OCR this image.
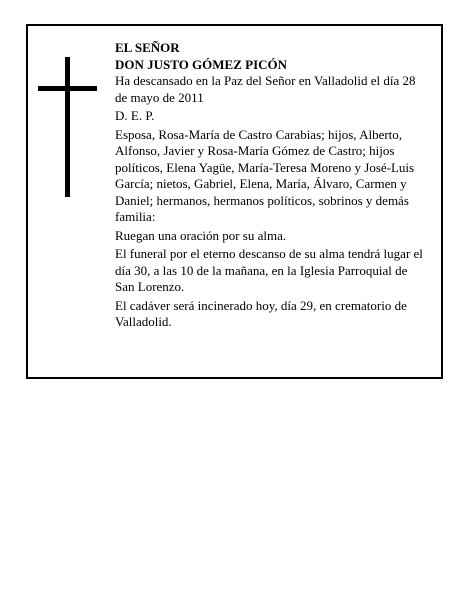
EL SEÑOR
DON JUSTO GÓMEZ PICÓN

Ha descansado en la Paz del Señor en Valladolid el día 28 de mayo de 2011

D. E. P.

Esposa, Rosa-María de Castro Carabias; hijos, Alberto, Alfonso, Javier y Rosa-María Gómez de Castro; hijos políticos, Elena Yagüe, María-Teresa Moreno y José-Luis García; nietos, Gabriel, Elena, María, Álvaro, Carmen y Daniel; hermanos, hermanos políticos, sobrinos y demás familia:

Ruegan una oración por su alma.

El funeral por el eterno descanso de su alma tendrá lugar el día 30, a las 10 de la mañana, en la Iglesia Parroquial de San Lorenzo.

El cadáver será incinerado hoy, día 29, en crematorio de Valladolid.
